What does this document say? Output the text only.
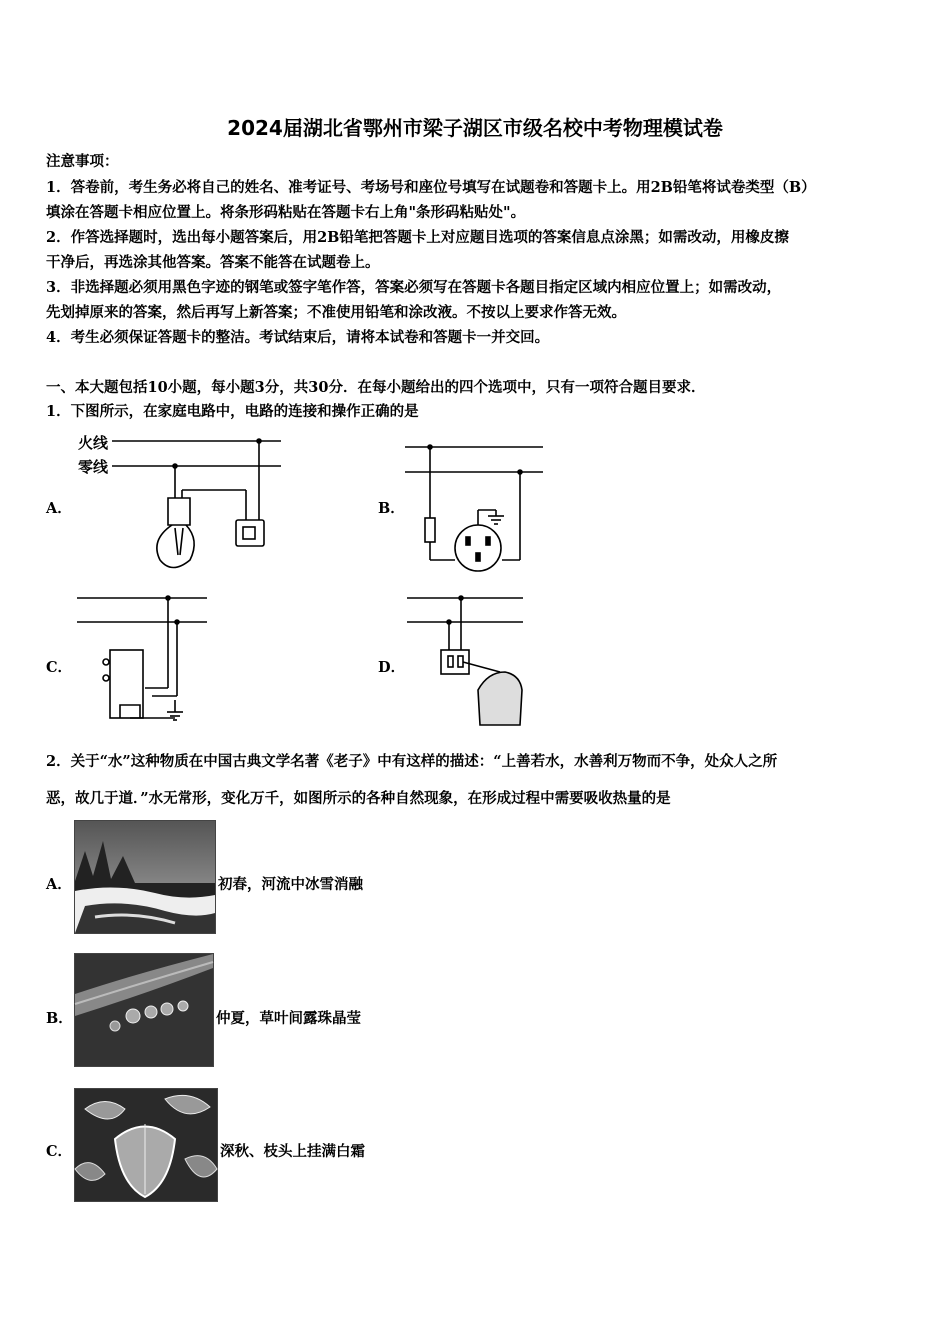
2024届湖北省鄂州市梁子湖区市级名校中考物理模试卷
注意事项：
1．答卷前，考生务必将自己的姓名、准考证号、考场号和座位号填写在试题卷和答题卡上。用2B铅笔将试卷类型（B）
填涂在答题卡相应位置上。将条形码粘贴在答题卡右上角"条形码粘贴处"。
2．作答选择题时，选出每小题答案后，用2B铅笔把答题卡上对应题目选项的答案信息点涂黑；如需改动，用橡皮擦
干净后，再选涂其他答案。答案不能答在试题卷上。
3．非选择题必须用黑色字迹的钢笔或签字笔作答，答案必须写在答题卡各题目指定区域内相应位置上；如需改动，
先划掉原来的答案，然后再写上新答案；不准使用铅笔和涂改液。不按以上要求作答无效。
4．考生必须保证答题卡的整洁。考试结束后，请将本试卷和答题卡一并交回。
一、本大题包括10小题，每小题3分，共30分．在每小题给出的四个选项中，只有一项符合题目要求．
1．下图所示，在家庭电路中，电路的连接和操作正确的是
A．
火线
零线
B．
C．	D．
2．关于“水”这种物质在中国古典文学名著《老子》中有这样的描述：“上善若水，水善利万物而不争，处众人之所
恶，故几于道．”水无常形，变化万千，如图所示的各种自然现象，在形成过程中需要吸收热量的是
A．	初春，河流中冰雪消融
B．	仲夏，草叶间露珠晶莹
C．	深秋、枝头上挂满白霜
